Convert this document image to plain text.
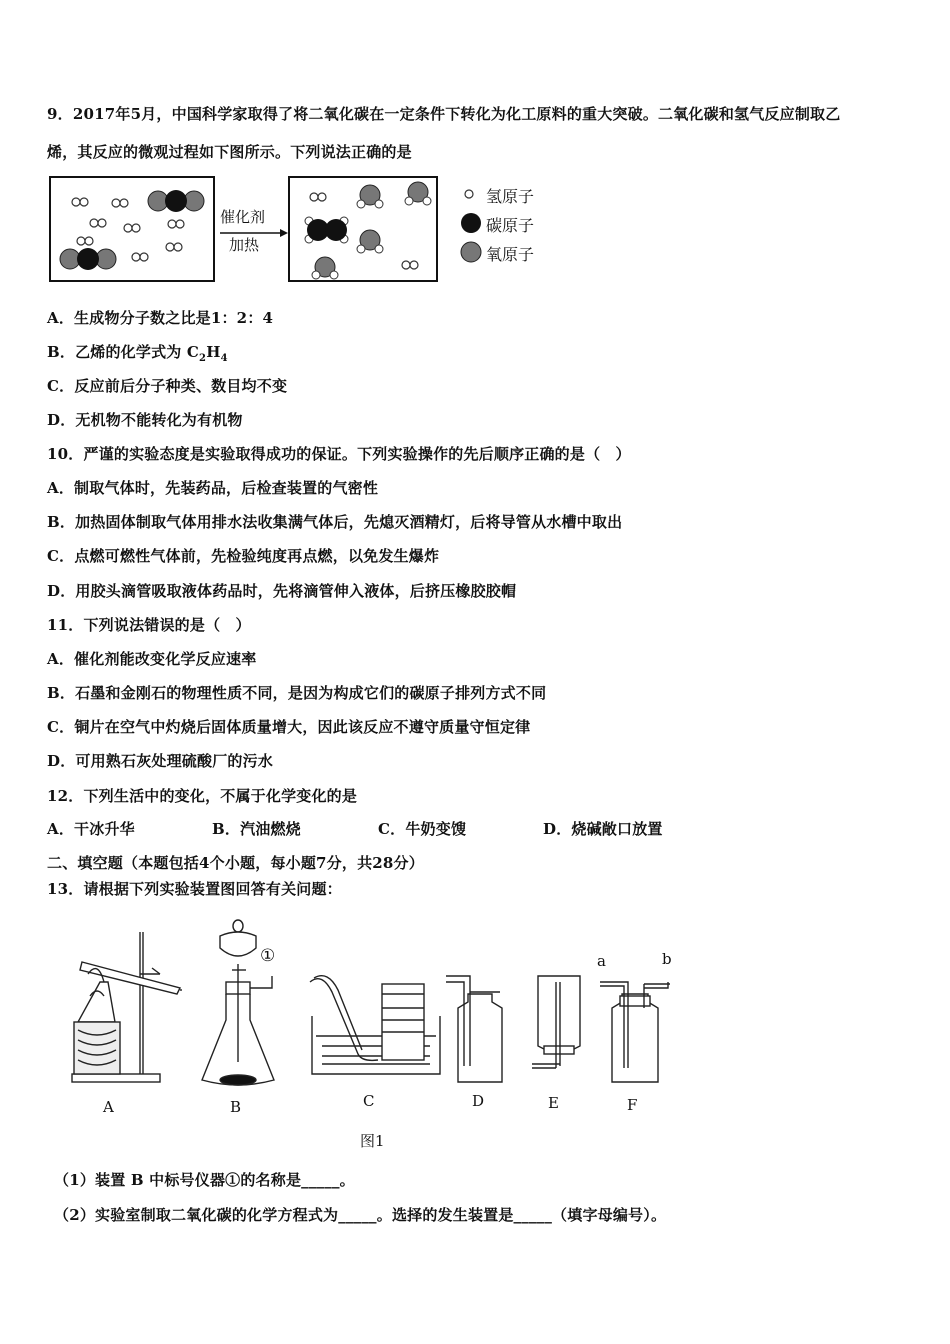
9．2017年5月，中国科学家取得了将二氧化碳在一定条件下转化为化工原料的重大突破。二氧化碳和氢气反应制取乙
烯，其反应的微观过程如下图所示。下列说法正确的是
催化剂
加热
氢原子
碳原子
氧原子
A．生成物分子数之比是1：2：4
B．乙烯的化学式为 $C_2H_4$
C．反应前后分子种类、数目均不变
D．无机物不能转化为有机物
10．严谨的实验态度是实验取得成功的保证。下列实验操作的先后顺序正确的是（　）
A．制取气体时，先装药品，后检查装置的气密性
B．加热固体制取气体用排水法收集满气体后，先熄灭酒精灯，后将导管从水槽中取出
C．点燃可燃性气体前，先检验纯度再点燃，以免发生爆炸
D．用胶头滴管吸取液体药品时，先将滴管伸入液体，后挤压橡胶胶帽
11．下列说法错误的是（　）
A．催化剂能改变化学反应速率
B．石墨和金刚石的物理性质不同，是因为构成它们的碳原子排列方式不同
C．铜片在空气中灼烧后固体质量增大，因此该反应不遵守质量守恒定律
D．可用熟石灰处理硫酸厂的污水
12．下列生活中的变化，不属于化学变化的是
A．干冰升华	B．汽油燃烧	C．牛奶变馊	D．烧碱敞口放置
二、填空题（本题包括4个小题，每小题7分，共28分）
13．请根据下列实验装置图回答有关问题：
A	B	C	D	E	F
①	a	b
图1
（1）装置 B 中标号仪器①的名称是_____。
（2）实验室制取二氧化碳的化学方程式为_____。选择的发生装置是_____（填字母编号）。
